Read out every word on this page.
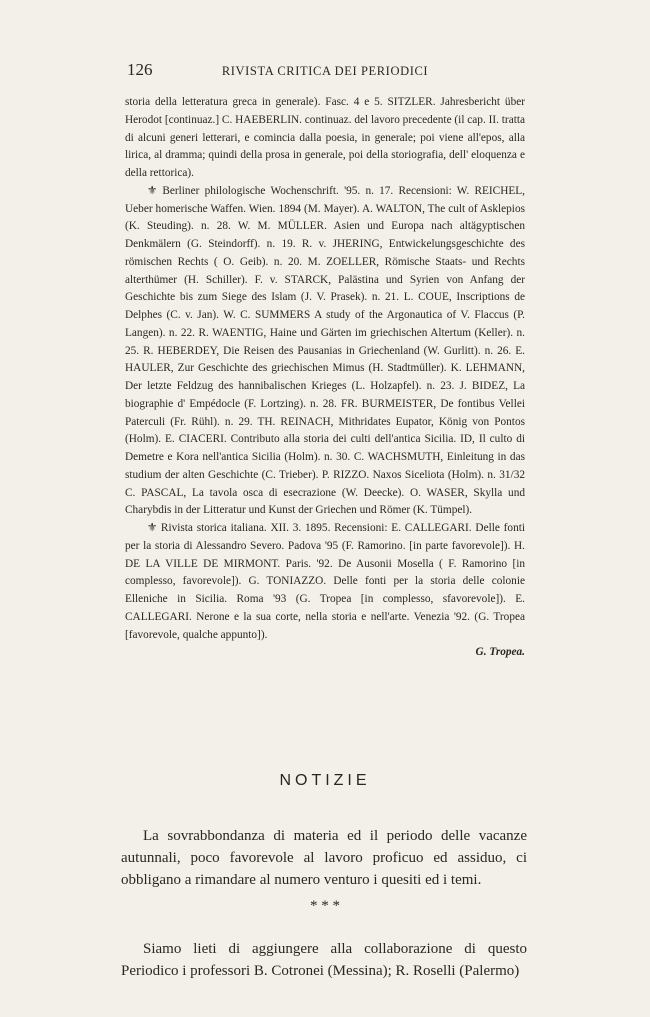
126	RIVISTA CRITICA DEI PERIODICI

storia della letteratura greca in generale). Fasc. 4 e 5. SITZLER. Jahresbericht über Herodot [continuaz.] C. HAEBERLIN. continuaz. del lavoro precedente (il cap. II. tratta di alcuni generi letterari, e comincia dalla poesia, in generale; poi viene all'epos, alla lirica, al dramma; quindi della prosa in generale, poi della storiografia, dell' eloquenza e della rettorica).

⚜ Berliner philologische Wochenschrift. '95. n. 17. Recensioni: W. REICHEL, Ueber homerische Waffen. Wien. 1894 (M. Mayer). A. WALTON, The cult of Asklepios (K. Steuding). n. 28. W. M. MÜLLER. Asien und Europa nach altägyptischen Denkmälern (G. Steindorff). n. 19. R. v. JHERING, Entwickelungsgeschichte des römischen Rechts ( O. Geib). n. 20. M. ZOELLER, Römische Staats- und Rechts alterthümer (H. Schiller). F. v. STARCK, Palästina und Syrien von Anfang der Geschichte bis zum Siege des Islam (J. V. Prasek). n. 21. L. COUE, Inscriptions de Delphes (C. v. Jan). W. C. SUMMERS A study of the Argonautica of V. Flaccus (P. Langen). n. 22. R. WAENTIG, Haine und Gärten im griechischen Altertum (Keller). n. 25. R. HEBERDEY, Die Reisen des Pausanias in Griechenland (W. Gurlitt). n. 26. E. HAULER, Zur Geschichte des griechischen Mimus (H. Stadtmüller). K. LEHMANN, Der letzte Feldzug des hannibalischen Krieges (L. Holzapfel). n. 23. J. BIDEZ, La biographie d' Empédocle (F. Lortzing). n. 28. FR. BURMEISTER, De fontibus Vellei Paterculi (Fr. Rühl). n. 29. TH. REINACH, Mithridates Eupator, König von Pontos (Holm). E. CIACERI. Contributo alla storia dei culti dell'antica Sicilia. ID, Il culto di Demetre e Kora nell'antica Sicilia (Holm). n. 30. C. WACHSMUTH, Einleitung in das studium der alten Geschichte (C. Trieber). P. RIZZO. Naxos Siceliota (Holm). n. 31/32 C. PASCAL, La tavola osca di esecrazione (W. Deecke). O. WASER, Skylla und Charybdis in der Litteratur und Kunst der Griechen und Römer (K. Tümpel).

⚜ Rivista storica italiana. XII. 3. 1895. Recensioni: E. CALLEGARI. Delle fonti per la storia di Alessandro Severo. Padova '95 (F. Ramorino. [in parte favorevole]). H. DE LA VILLE DE MIRMONT. Paris. '92. De Ausonii Mosella ( F. Ramorino [in complesso, favorevole]). G. TONIAZZO. Delle fonti per la storia delle colonie Elleniche in Sicilia. Roma '93 (G. Tropea [in complesso, sfavorevole]). E. CALLEGARI. Nerone e la sua corte, nella storia e nell'arte. Venezia '92. (G. Tropea [favorevole, qualche appunto]).

G. Tropea.

NOTIZIE

La sovrabbondanza di materia ed il periodo delle vacanze autunnali, poco favorevole al lavoro proficuo ed assiduo, ci obbligano a rimandare al numero venturo i quesiti ed i temi.

* * *

Siamo lieti di aggiungere alla collaborazione di questo Periodico i professori B. Cotronei (Messina); R. Roselli (Palermo)
